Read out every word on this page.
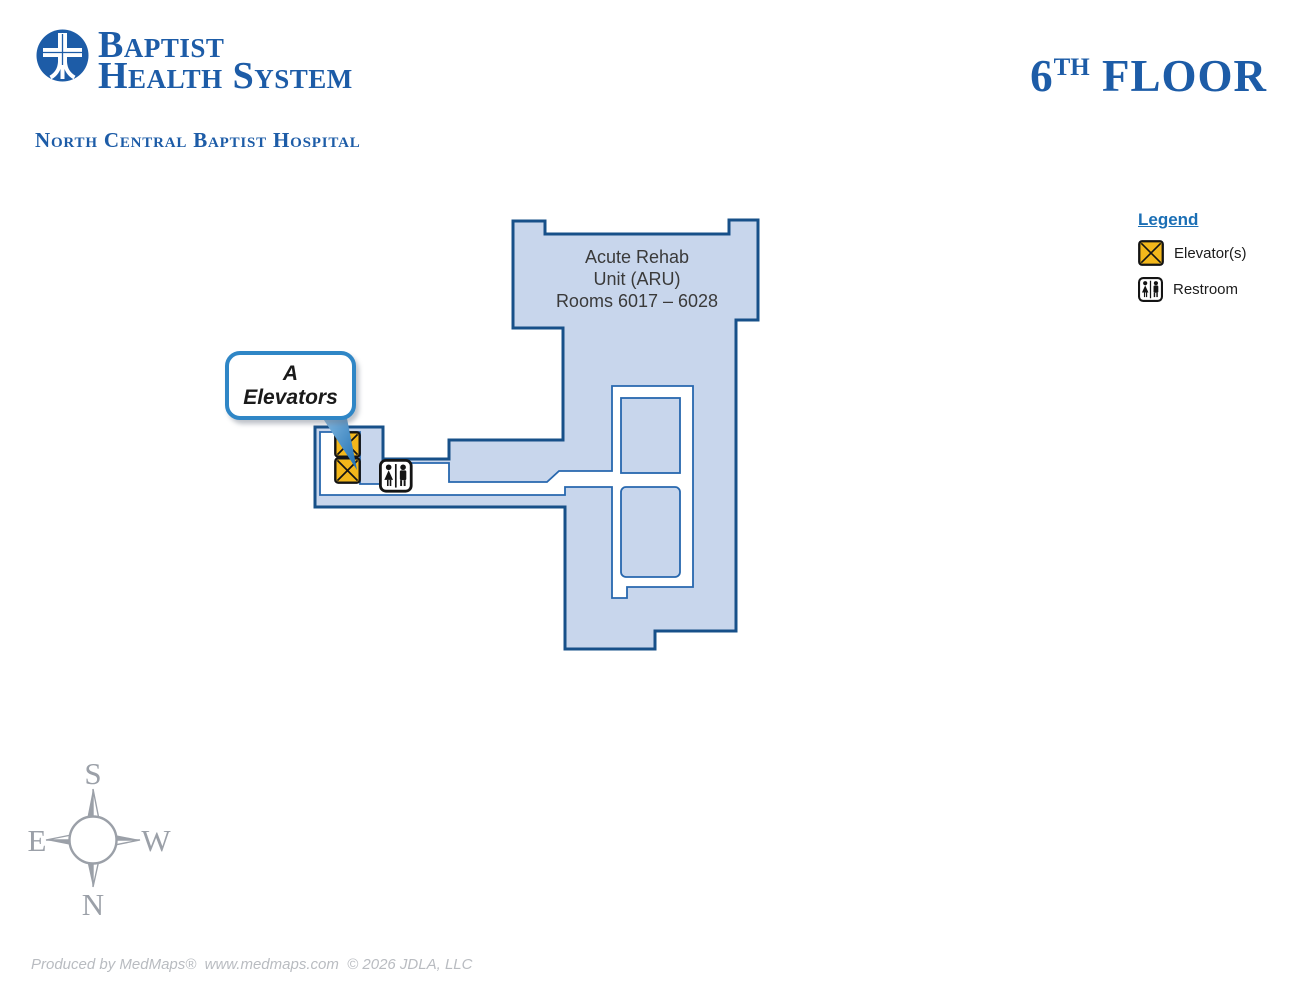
S
N
E	W
Baptist
Health System
North Central Baptist Hospital
6TH FLOOR
Acute Rehab
Unit (ARU)
Rooms 6017 – 6028
A
Elevators
Legend
Elevator(s)
Restroom
Produced by MedMaps®  www.medmaps.com  © 2026 JDLA, LLC
